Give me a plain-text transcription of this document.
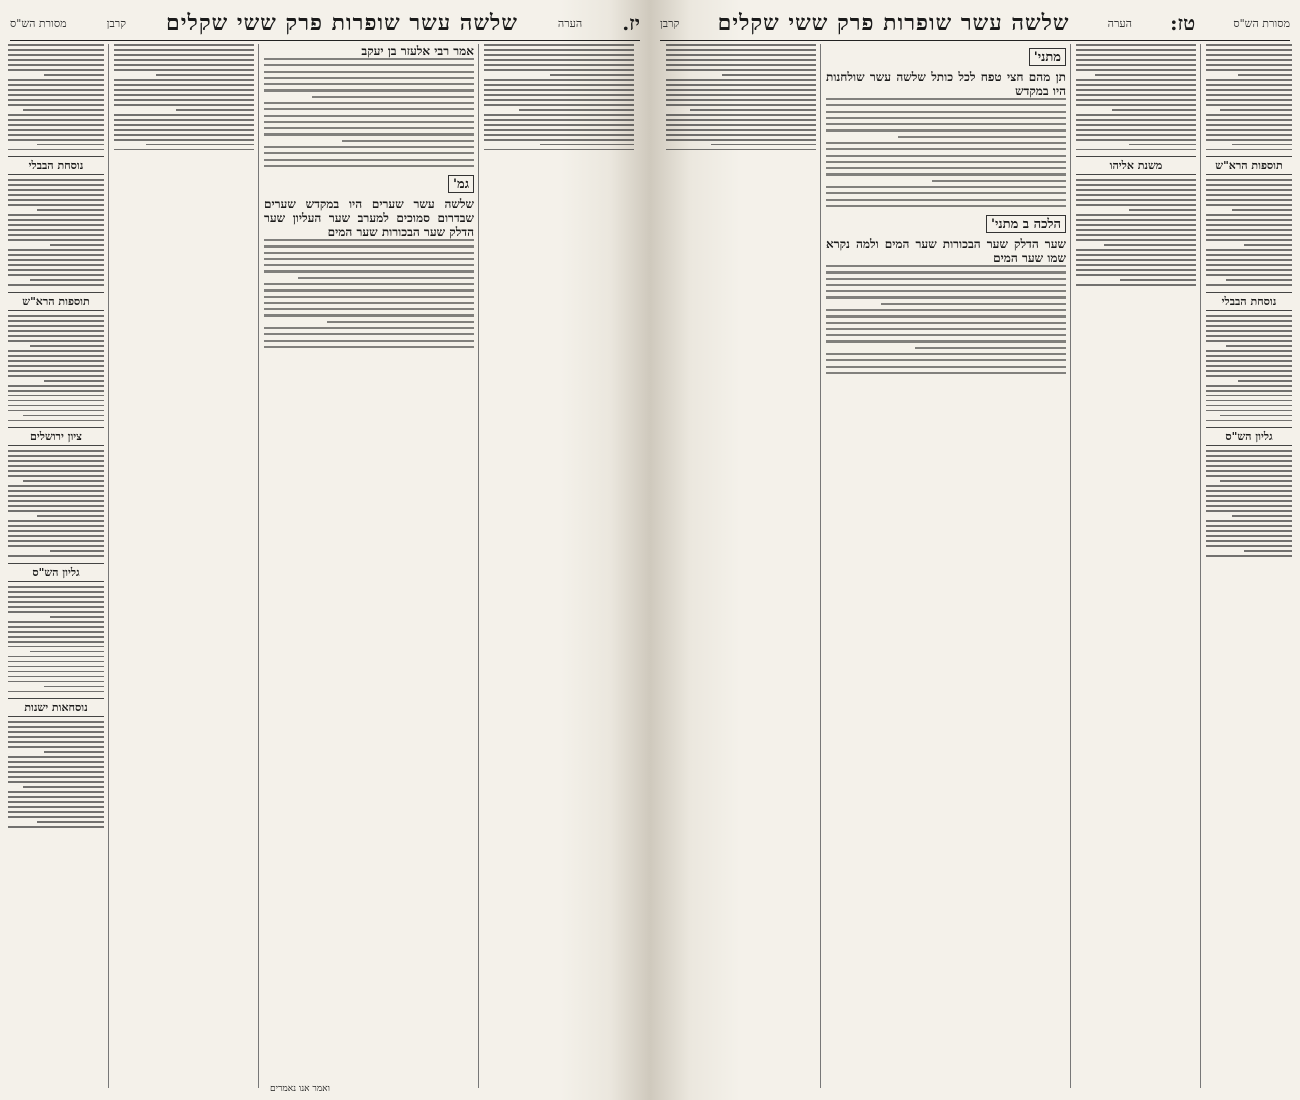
יז.
הערה
שלשה עשר שופרות פרק ששי שקלים
קרבן
מסורת הש"ס
נוסחת הבבלי
תוספות הרא"ש
ציון ירושלים
גליון הש"ס
נוסחאות ישנות
אמר רבי אלעזר בן יעקב
גמ'
שלשה עשר שערים היו במקדש שערים שבדרום סמוכים למערב שער העליון שער הדלק שער הבכורות שער המים
ואמר אנו נאמרים
מסורת הש"ס
טז:
הערה
שלשה עשר שופרות פרק ששי שקלים
קרבן
מתני'
תן מהם חצי טפח לכל כותל שלשה עשר שולחנות היו במקדש
הלכה ב מתני'
שער הדלק שער הבכורות שער המים ולמה נקרא שמו שער המים
משנת אליהו	תוספות הרא"ש
נוסחת הבבלי
גליון הש"ס
